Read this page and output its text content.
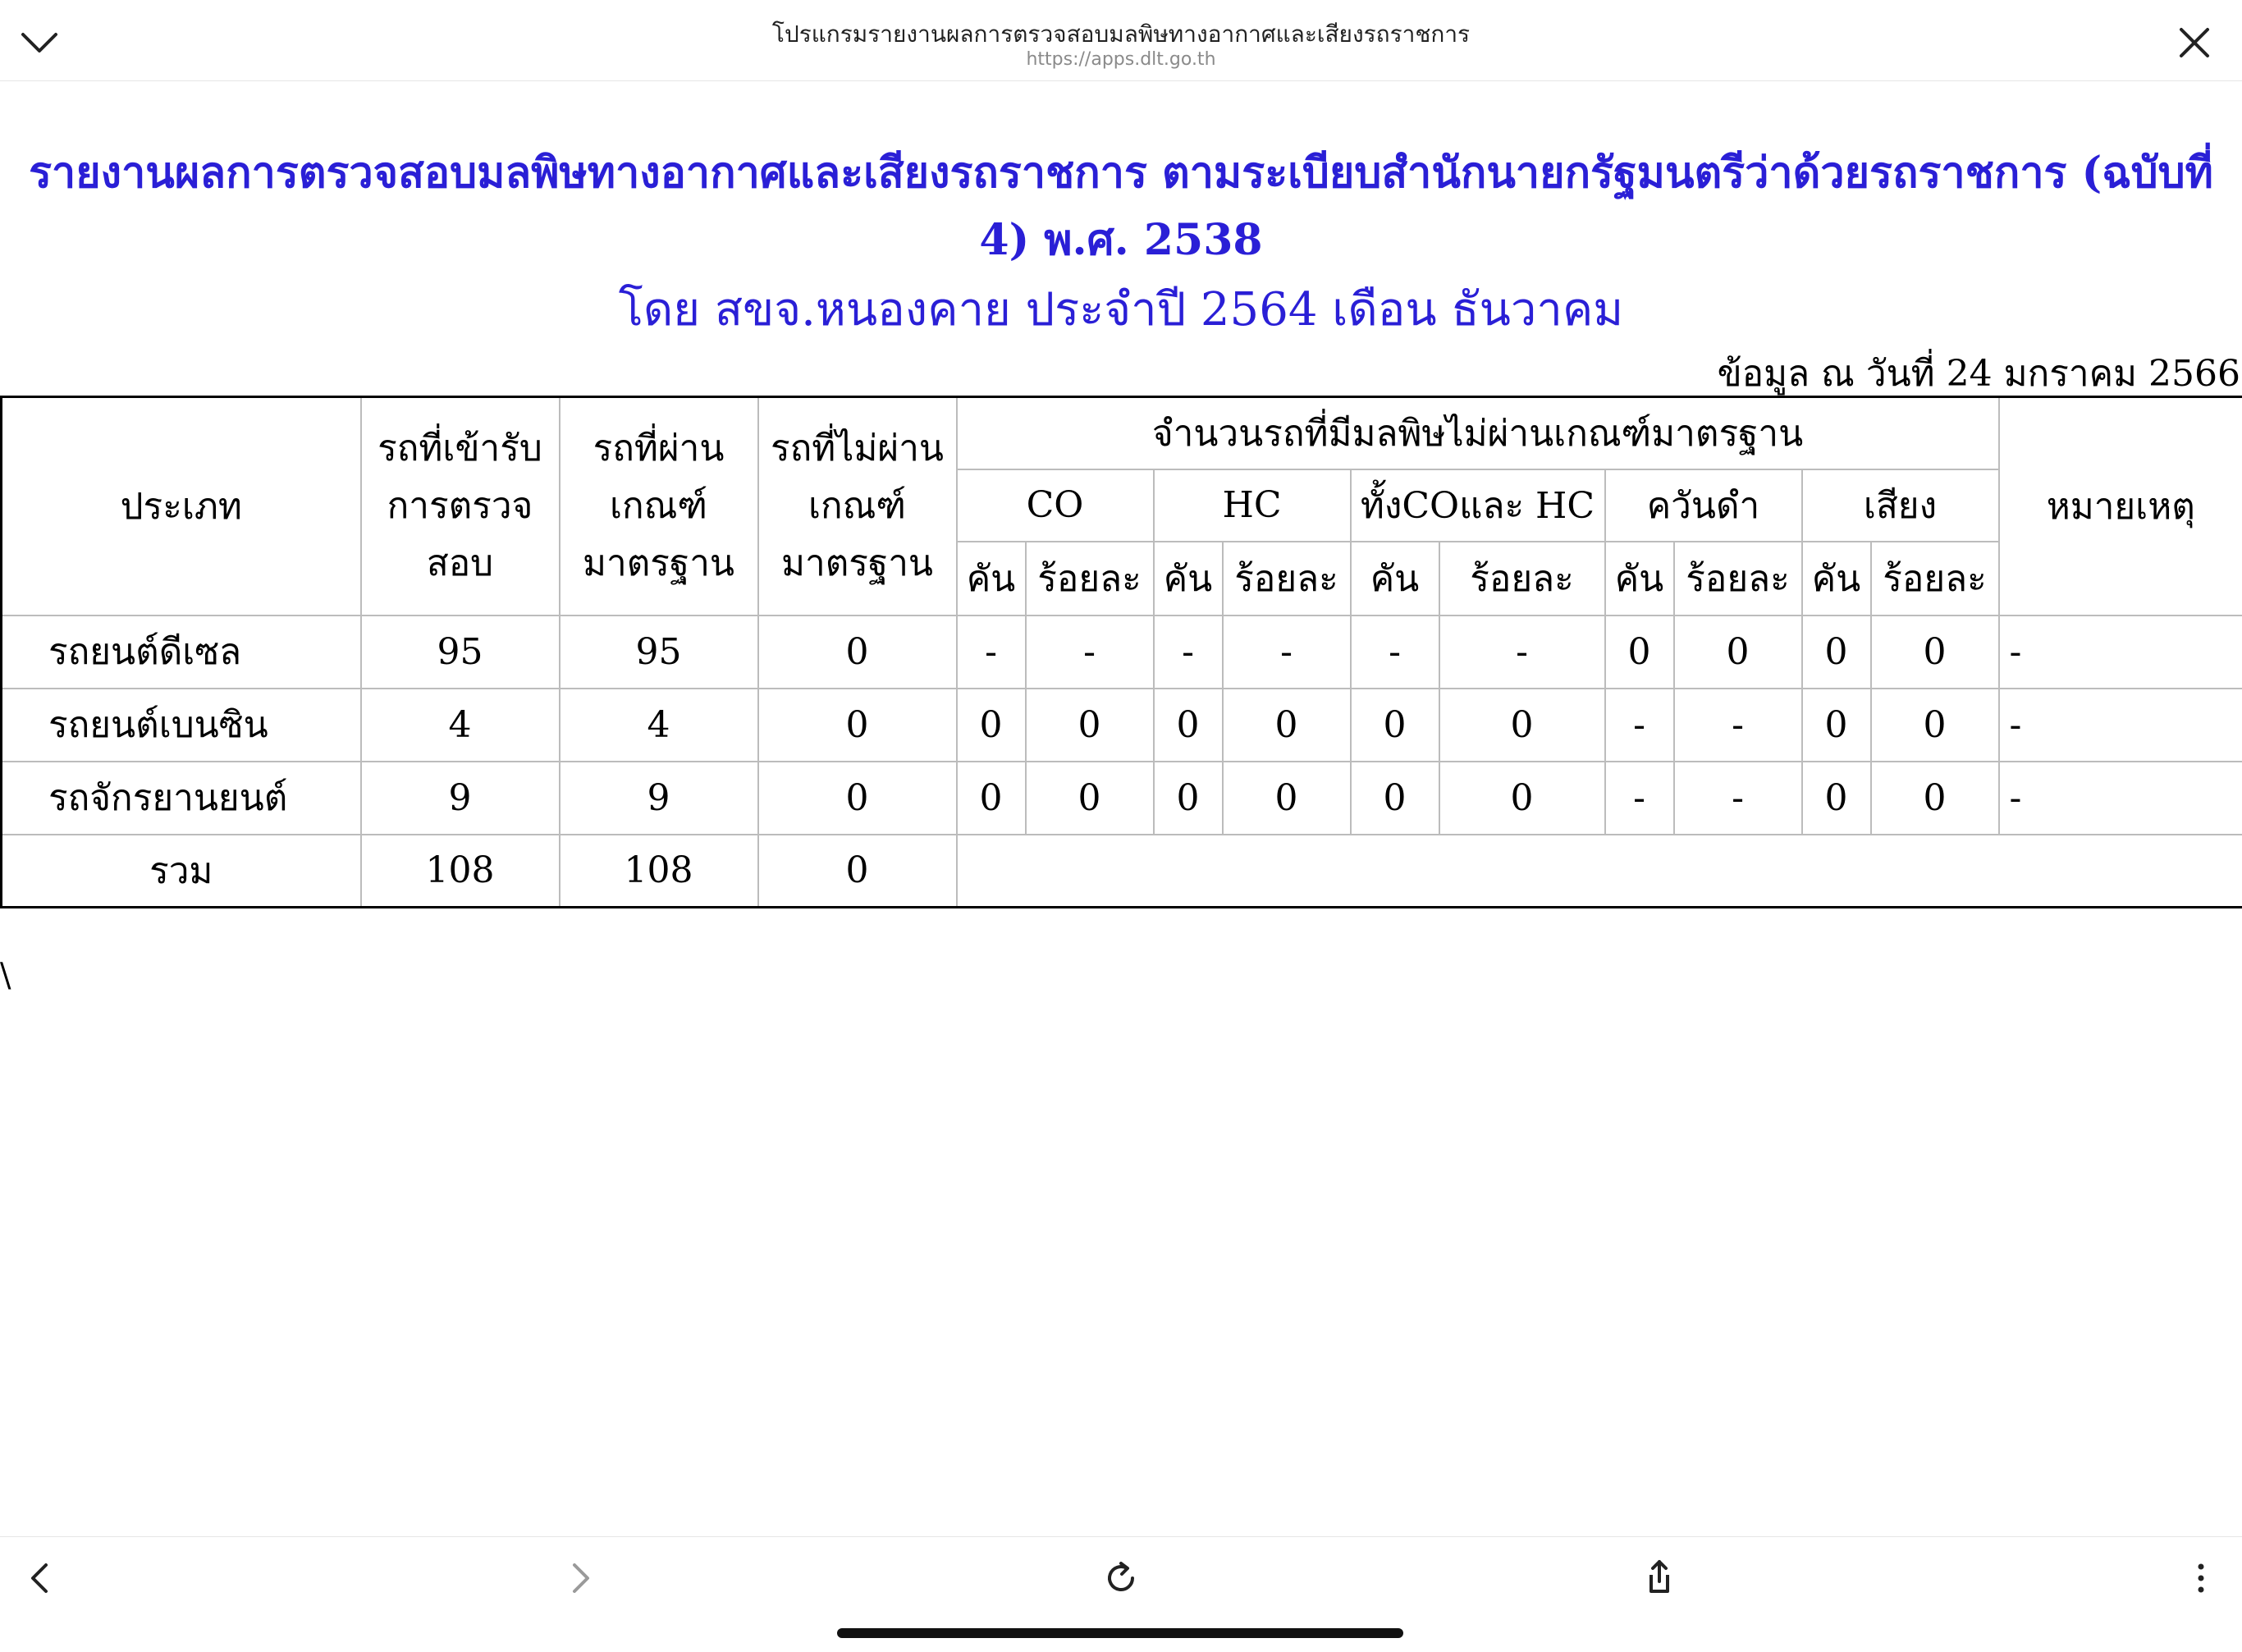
โปรแกรมรายงานผลการตรวจสอบมลพิษทางอากาศและเสียงรถราชการ
https://apps.dlt.go.th
รายงานผลการตรวจสอบมลพิษทางอากาศและเสียงรถราชการ ตามระเบียบสำนักนายกรัฐมนตรีว่าด้วยรถราชการ (ฉบับที่ 4) พ.ศ. 2538
โดย สขจ.หนองคาย ประจำปี 2564 เดือน ธันวาคม
ข้อมูล ณ วันที่ 24 มกราคม 2566
ประเภท	รถที่เข้ารับการตรวจสอบ	รถที่ผ่านเกณฑ์มาตรฐาน	รถที่ไม่ผ่านเกณฑ์มาตรฐาน	จำนวนรถที่มีมลพิษไม่ผ่านเกณฑ์มาตรฐาน										หมายเหตุ
				CO		HC		ทั้งCOและ HC		ควันดำ		เสียง		
				คัน	ร้อยละ	คัน	ร้อยละ	คัน	ร้อยละ	คัน	ร้อยละ	คัน	ร้อยละ	
รถยนต์ดีเซล	95	95	0	-	-	-	-	-	-	0	0	0	0	-
รถยนต์เบนซิน	4	4	0	0	0	0	0	0	0	-	-	0	0	-
รถจักรยานยนต์	9	9	0	0	0	0	0	0	0	-	-	0	0	-
รวม	108	108	0											
\
